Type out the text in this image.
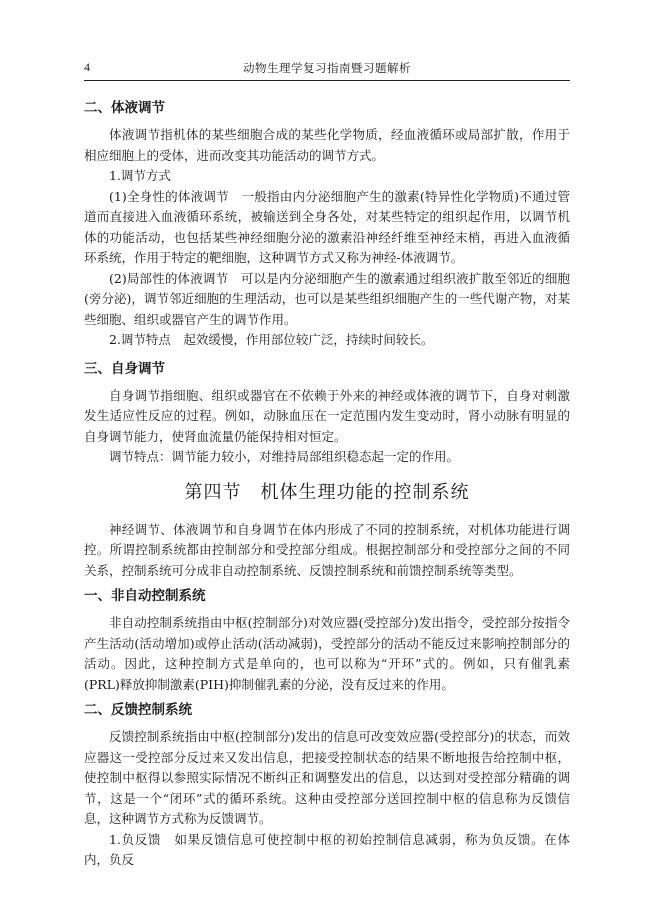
4	动物生理学复习指南暨习题解析
二、体液调节

体液调节指机体的某些细胞合成的某些化学物质，经血液循环或局部扩散，作用于相应细胞上的受体，进而改变其功能活动的调节方式。

1.调节方式

(1)全身性的体液调节　一般指由内分泌细胞产生的激素(特异性化学物质)不通过管道而直接进入血液循环系统，被输送到全身各处，对某些特定的组织起作用，以调节机体的功能活动，也包括某些神经细胞分泌的激素沿神经纤维至神经末梢，再进入血液循环系统，作用于特定的靶细胞，这种调节方式又称为神经-体液调节。

(2)局部性的体液调节　可以是内分泌细胞产生的激素通过组织液扩散至邻近的细胞(旁分泌)，调节邻近细胞的生理活动，也可以是某些组织细胞产生的一些代谢产物，对某些细胞、组织或器官产生的调节作用。

2.调节特点　起效缓慢，作用部位较广泛，持续时间较长。

三、自身调节

自身调节指细胞、组织或器官在不依赖于外来的神经或体液的调节下，自身对刺激发生适应性反应的过程。例如，动脉血压在一定范围内发生变动时，肾小动脉有明显的自身调节能力，使肾血流量仍能保持相对恒定。

调节特点：调节能力较小，对维持局部组织稳态起一定的作用。

第四节　机体生理功能的控制系统

神经调节、体液调节和自身调节在体内形成了不同的控制系统，对机体功能进行调控。所谓控制系统都由控制部分和受控部分组成。根据控制部分和受控部分之间的不同关系，控制系统可分成非自动控制系统、反馈控制系统和前馈控制系统等类型。

一、非自动控制系统

非自动控制系统指由中枢(控制部分)对效应器(受控部分)发出指令，受控部分按指令产生活动(活动增加)或停止活动(活动减弱)，受控部分的活动不能反过来影响控制部分的活动。因此，这种控制方式是单向的，也可以称为“开环”式的。例如，只有催乳素(PRL)释放抑制激素(PIH)抑制催乳素的分泌，没有反过来的作用。

二、反馈控制系统

反馈控制系统指由中枢(控制部分)发出的信息可改变效应器(受控部分)的状态，而效应器这一受控部分反过来又发出信息，把接受控制状态的结果不断地报告给控制中枢，使控制中枢得以参照实际情况不断纠正和调整发出的信息，以达到对受控部分精确的调节，这是一个“闭环”式的循环系统。这种由受控部分送回控制中枢的信息称为反馈信息，这种调节方式称为反馈调节。

1.负反馈　如果反馈信息可使控制中枢的初始控制信息减弱，称为负反馈。在体内，负反
